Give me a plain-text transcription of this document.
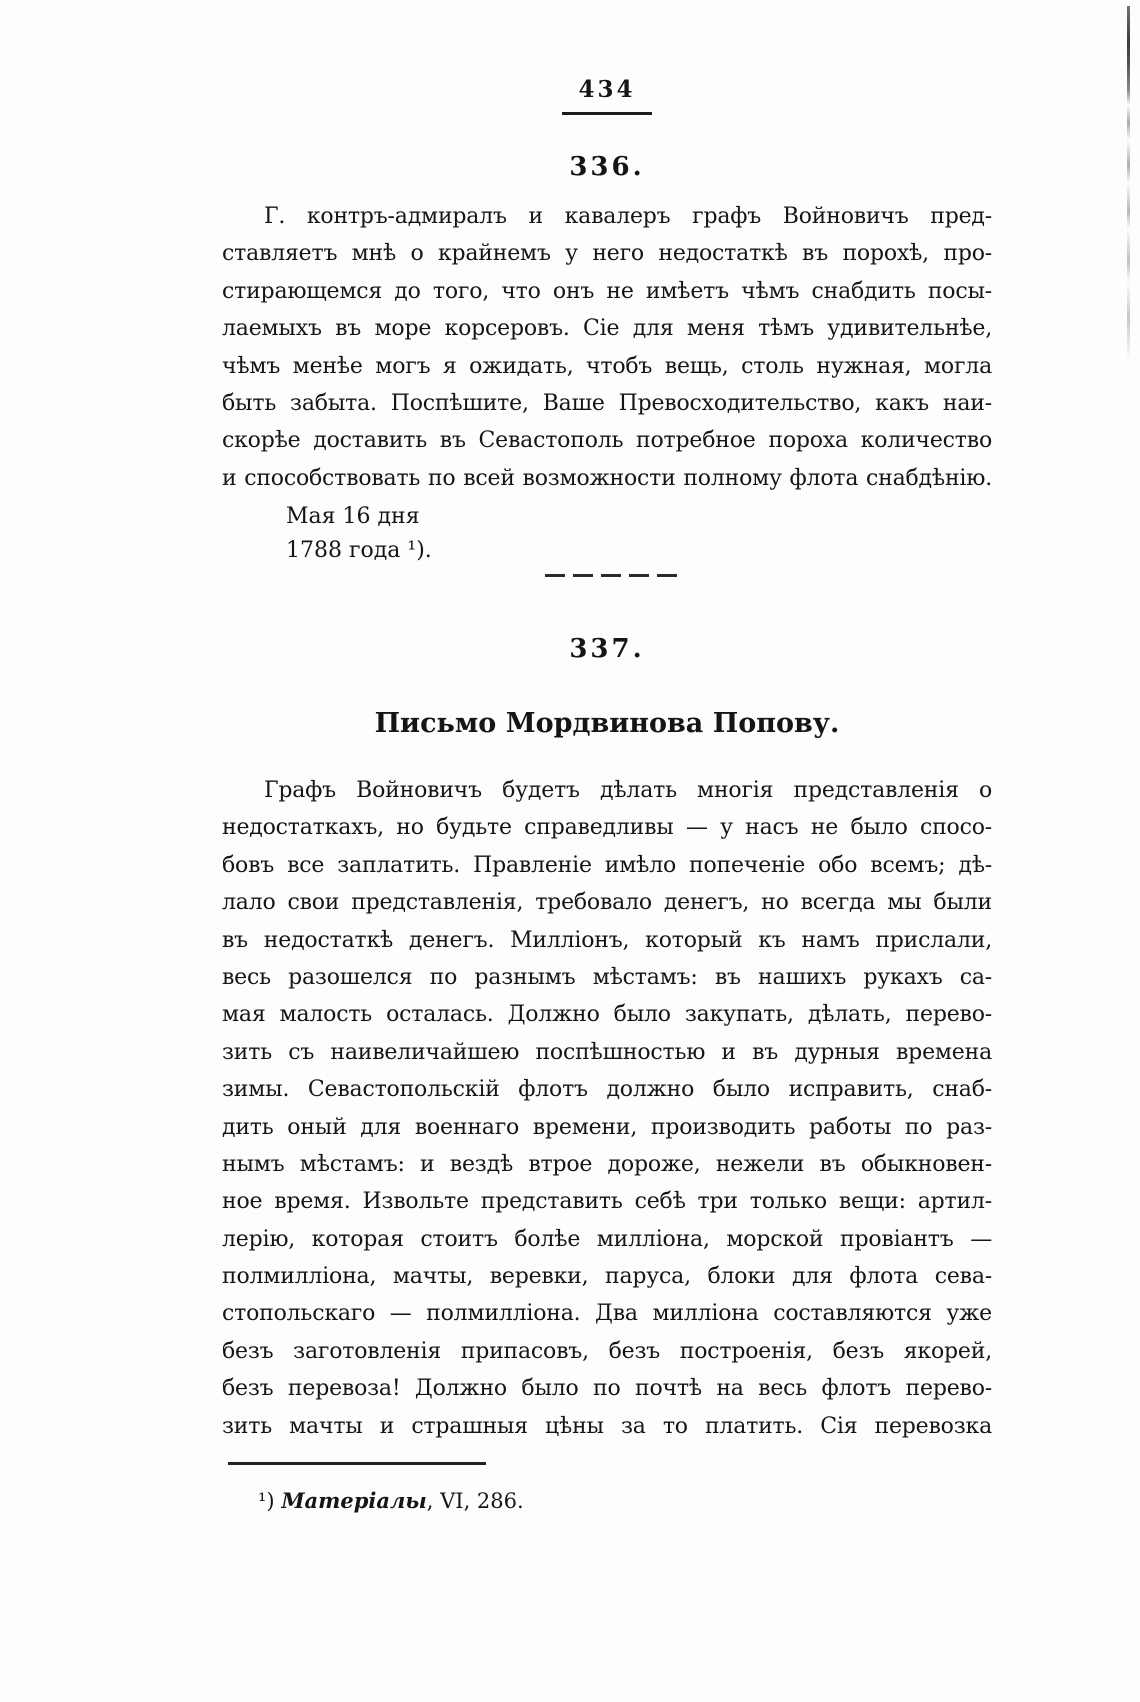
434
336.
Г. контръ-адмиралъ и кавалеръ графъ Войновичъ пред-
ставляетъ мнѣ о крайнемъ у него недостаткѣ въ порохѣ, про-
стирающемся до того, что онъ не имѣетъ чѣмъ снабдить посы-
лаемыхъ въ море корсеровъ. Сіе для меня тѣмъ удивительнѣе,
чѣмъ менѣе могъ я ожидать, чтобъ вещь, столь нужная, могла
быть забыта. Поспѣшите, Ваше Превосходительство, какъ наи-
скорѣе доставить въ Севастополь потребное пороха количество
и способствовать по всей возможности полному флота снабдѣнію.
Мая 16 дня
1788 года ¹).
337.
Письмо Мордвинова Попову.
Графъ Войновичъ будетъ дѣлать многія представленія о
недостаткахъ, но будьте справедливы — у насъ не было спосо-
бовъ все заплатить. Правленіе имѣло попеченіе обо всемъ; дѣ-
лало свои представленія, требовало денегъ, но всегда мы были
въ недостаткѣ денегъ. Милліонъ, который къ намъ прислали,
весь разошелся по разнымъ мѣстамъ: въ нашихъ рукахъ са-
мая малость осталась. Должно было закупать, дѣлать, перево-
зить съ наивеличайшею поспѣшностью и въ дурныя времена
зимы. Севастопольскій флотъ должно было исправить, снаб-
дить оный для военнаго времени, производить работы по раз-
нымъ мѣстамъ: и вездѣ втрое дороже, нежели въ обыкновен-
ное время. Извольте представить себѣ три только вещи: артил-
лерію, которая стоитъ болѣе милліона, морской провіантъ —
полмилліона, мачты, веревки, паруса, блоки для флота сева-
стопольскаго — полмилліона. Два милліона составляются уже
безъ заготовленія припасовъ, безъ построенія, безъ якорей,
безъ перевоза! Должно было по почтѣ на весь флотъ перево-
зить мачты и страшныя цѣны за то платить. Сія перевозка
¹) Матеріалы, VI, 286.
